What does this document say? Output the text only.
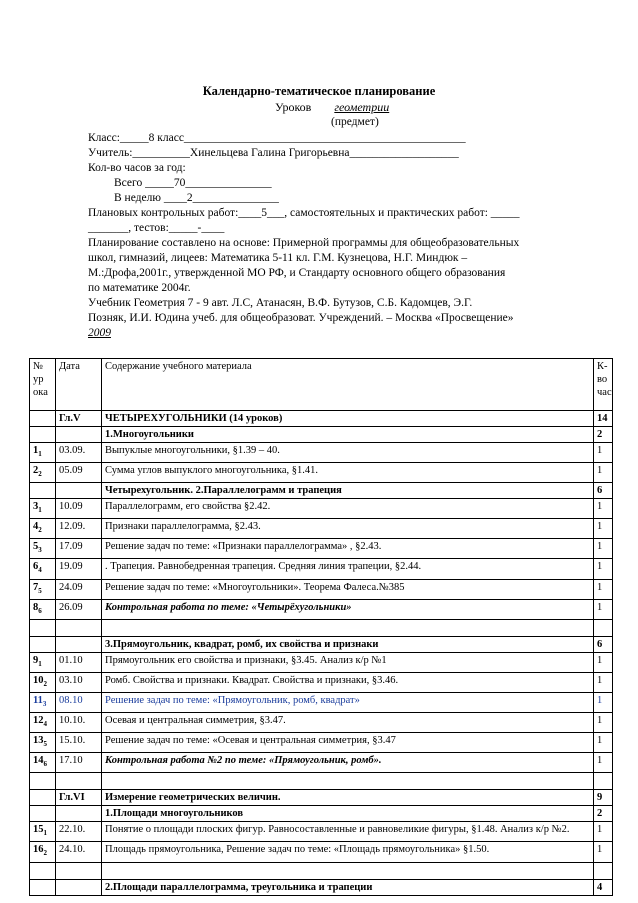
Календарно-тематическое планирование
Уроков геометрии
(предмет)
Класс:_____8 класс_________________________________________________
Учитель:__________Хинельцева Галина Григорьевна___________________
Кол-во часов за год:
Всего _____70_______________
В неделю ____2_______________
Плановых контрольных работ:____5___, самостоятельных и практических работ: _____
_______, тестов:_____-____
Планирование составлено на основе: Примерной программы для общеобразовательных
школ, гимназий, лицеев: Математика 5-11 кл. Г.М. Кузнецова, Н.Г. Миндюк –
М.:Дрофа,2001г., утвержденной МО РФ, и Стандарту основного общего образования
по математике 2004г.
Учебник Геометрия 7 - 9 авт. Л.С, Атанасян, В.Ф. Бутузов, С.Б. Кадомцев, Э.Г.
Позняк, И.И. Юдина учеб. для общеобразоват. Учреждений. – Москва «Просвещение»
2009
№ ур ока	Дата	Содержание учебного материала	К-во час
	Гл.V	ЧЕТЫРЕХУГОЛЬНИКИ (14 уроков)	14
		1.Многоугольники	2
$1_1$	03.09.	Выпуклые многоугольники, §1.39 – 40.	1
$2_2$	05.09	Сумма углов выпуклого многоугольника, §1.41.	1
		Четырехугольник. 2.Параллелограмм и трапеция	6
$3_1$	10.09	Параллелограмм, его свойства §2.42.	1
$4_2$	12.09.	Признаки параллелограмма, §2.43.	1
$5_3$	17.09	Решение задач по теме: «Признаки параллелограмма» , §2.43.	1
$6_4$	19.09	. Трапеция. Равнобедренная трапеция. Средняя линия трапеции, §2.44.	1
$7_5$	24.09	Решение задач по теме: «Многоугольники». Теорема Фалеса.№385	1
$8_6$	26.09	Контрольная работа по теме: «Четырёхугольники»	1

		3.Прямоугольник, квадрат, ромб, их свойства и признаки	6
$9_1$	01.10	Прямоугольник его свойства и признаки, §3.45. Анализ к/р №1	1
$10_2$	03.10	Ромб. Свойства и признаки. Квадрат. Свойства и признаки, §3.46.	1
$11_3$	08.10	Решение задач по теме: «Прямоугольник, ромб, квадрат»	1
$12_4$	10.10.	Осевая и центральная симметрия, §3.47.	1
$13_5$	15.10.	Решение задач по теме: «Осевая и центральная симметрия, §3.47	1
$14_6$	17.10	Контрольная работа №2 по теме: «Прямоугольник, ромб».	1

	Гл.VI	Измерение геометрических величин.	9
		1.Площади многоугольников	2
$15_1$	22.10.	Понятие о площади плоских фигур. Равносоставленные и равновеликие фигуры, §1.48. Анализ к/р №2.	1
$16_2$	24.10.	Площадь прямоугольника, Решение задач по теме: «Площадь прямоугольника» §1.50.	1

		2.Площади параллелограмма, треугольника и трапеции	4
